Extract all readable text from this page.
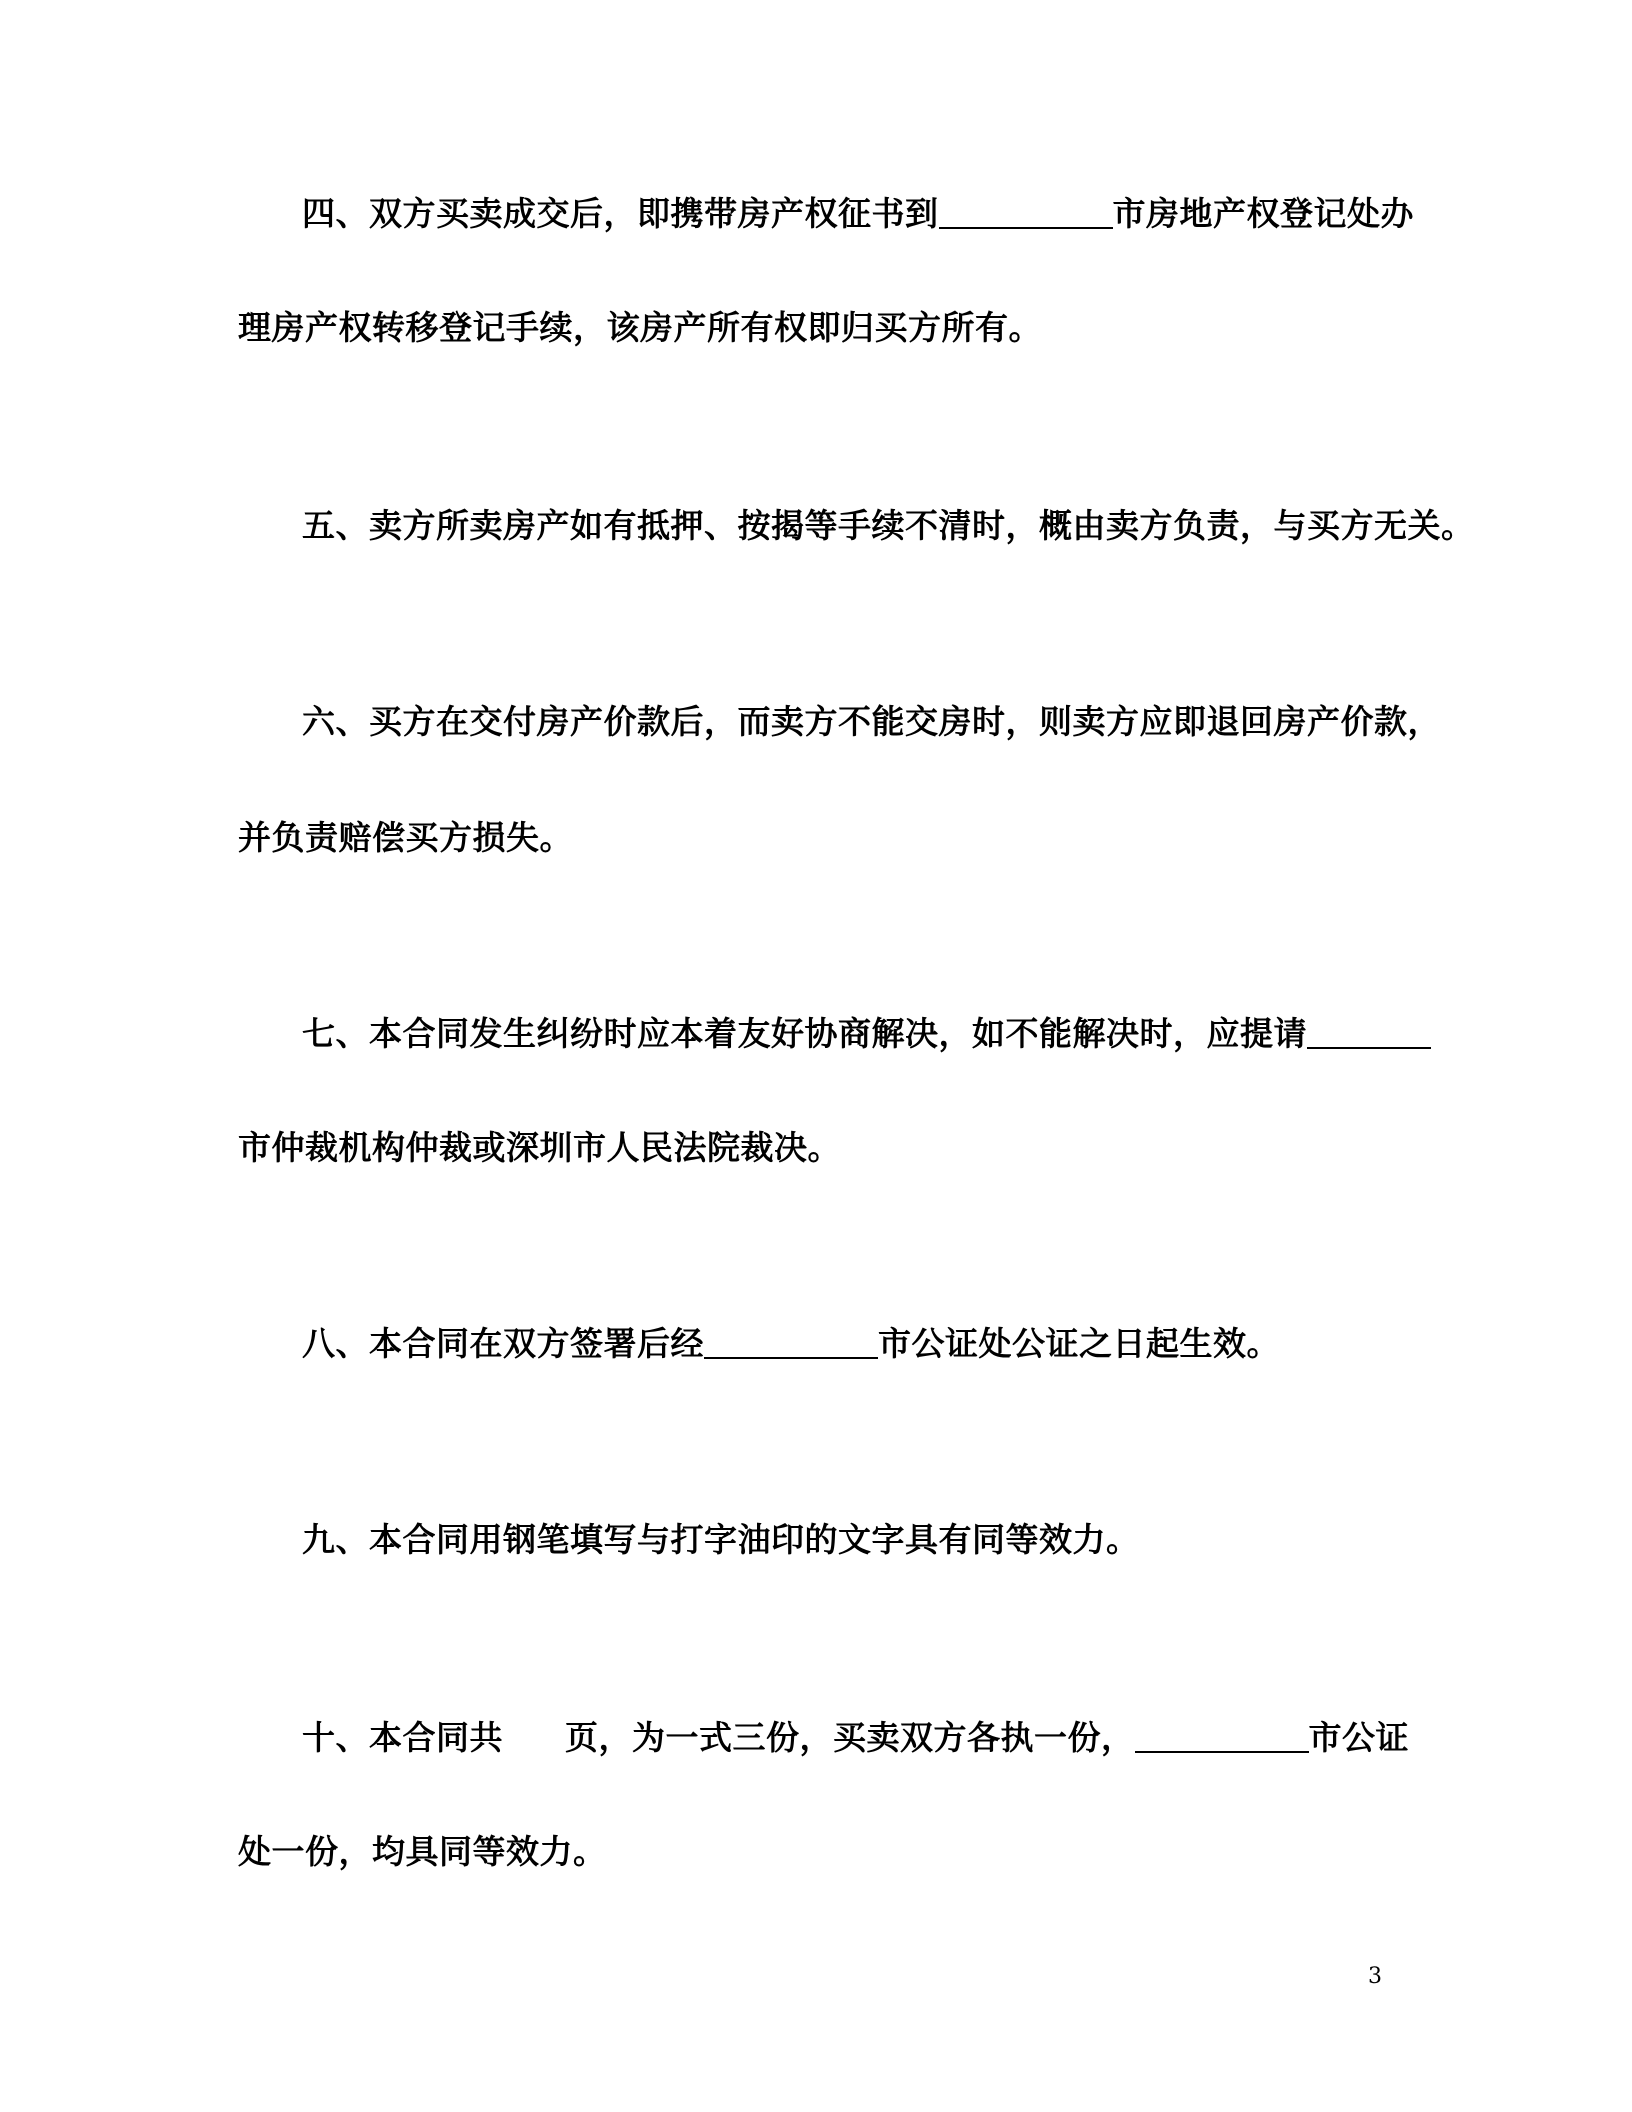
四、双方买卖成交后，即携带房产权征书到	市房地产权登记处办
理房产权转移登记手续，该房产所有权即归买方所有。
五、卖方所卖房产如有抵押、按揭等手续不清时，概由卖方负责，与买方无关。
六、买方在交付房产价款后，而卖方不能交房时，则卖方应即退回房产价款，
并负责赔偿买方损失。
七、本合同发生纠纷时应本着友好协商解决，如不能解决时，应提请
市仲裁机构仲裁或深圳市人民法院裁决。
八、本合同在双方签署后经	市公证处公证之日起生效。
九、本合同用钢笔填写与打字油印的文字具有同等效力。
十、本合同共 页，为一式三份，买卖双方各执一份，	市公证
处一份，均具同等效力。
3
